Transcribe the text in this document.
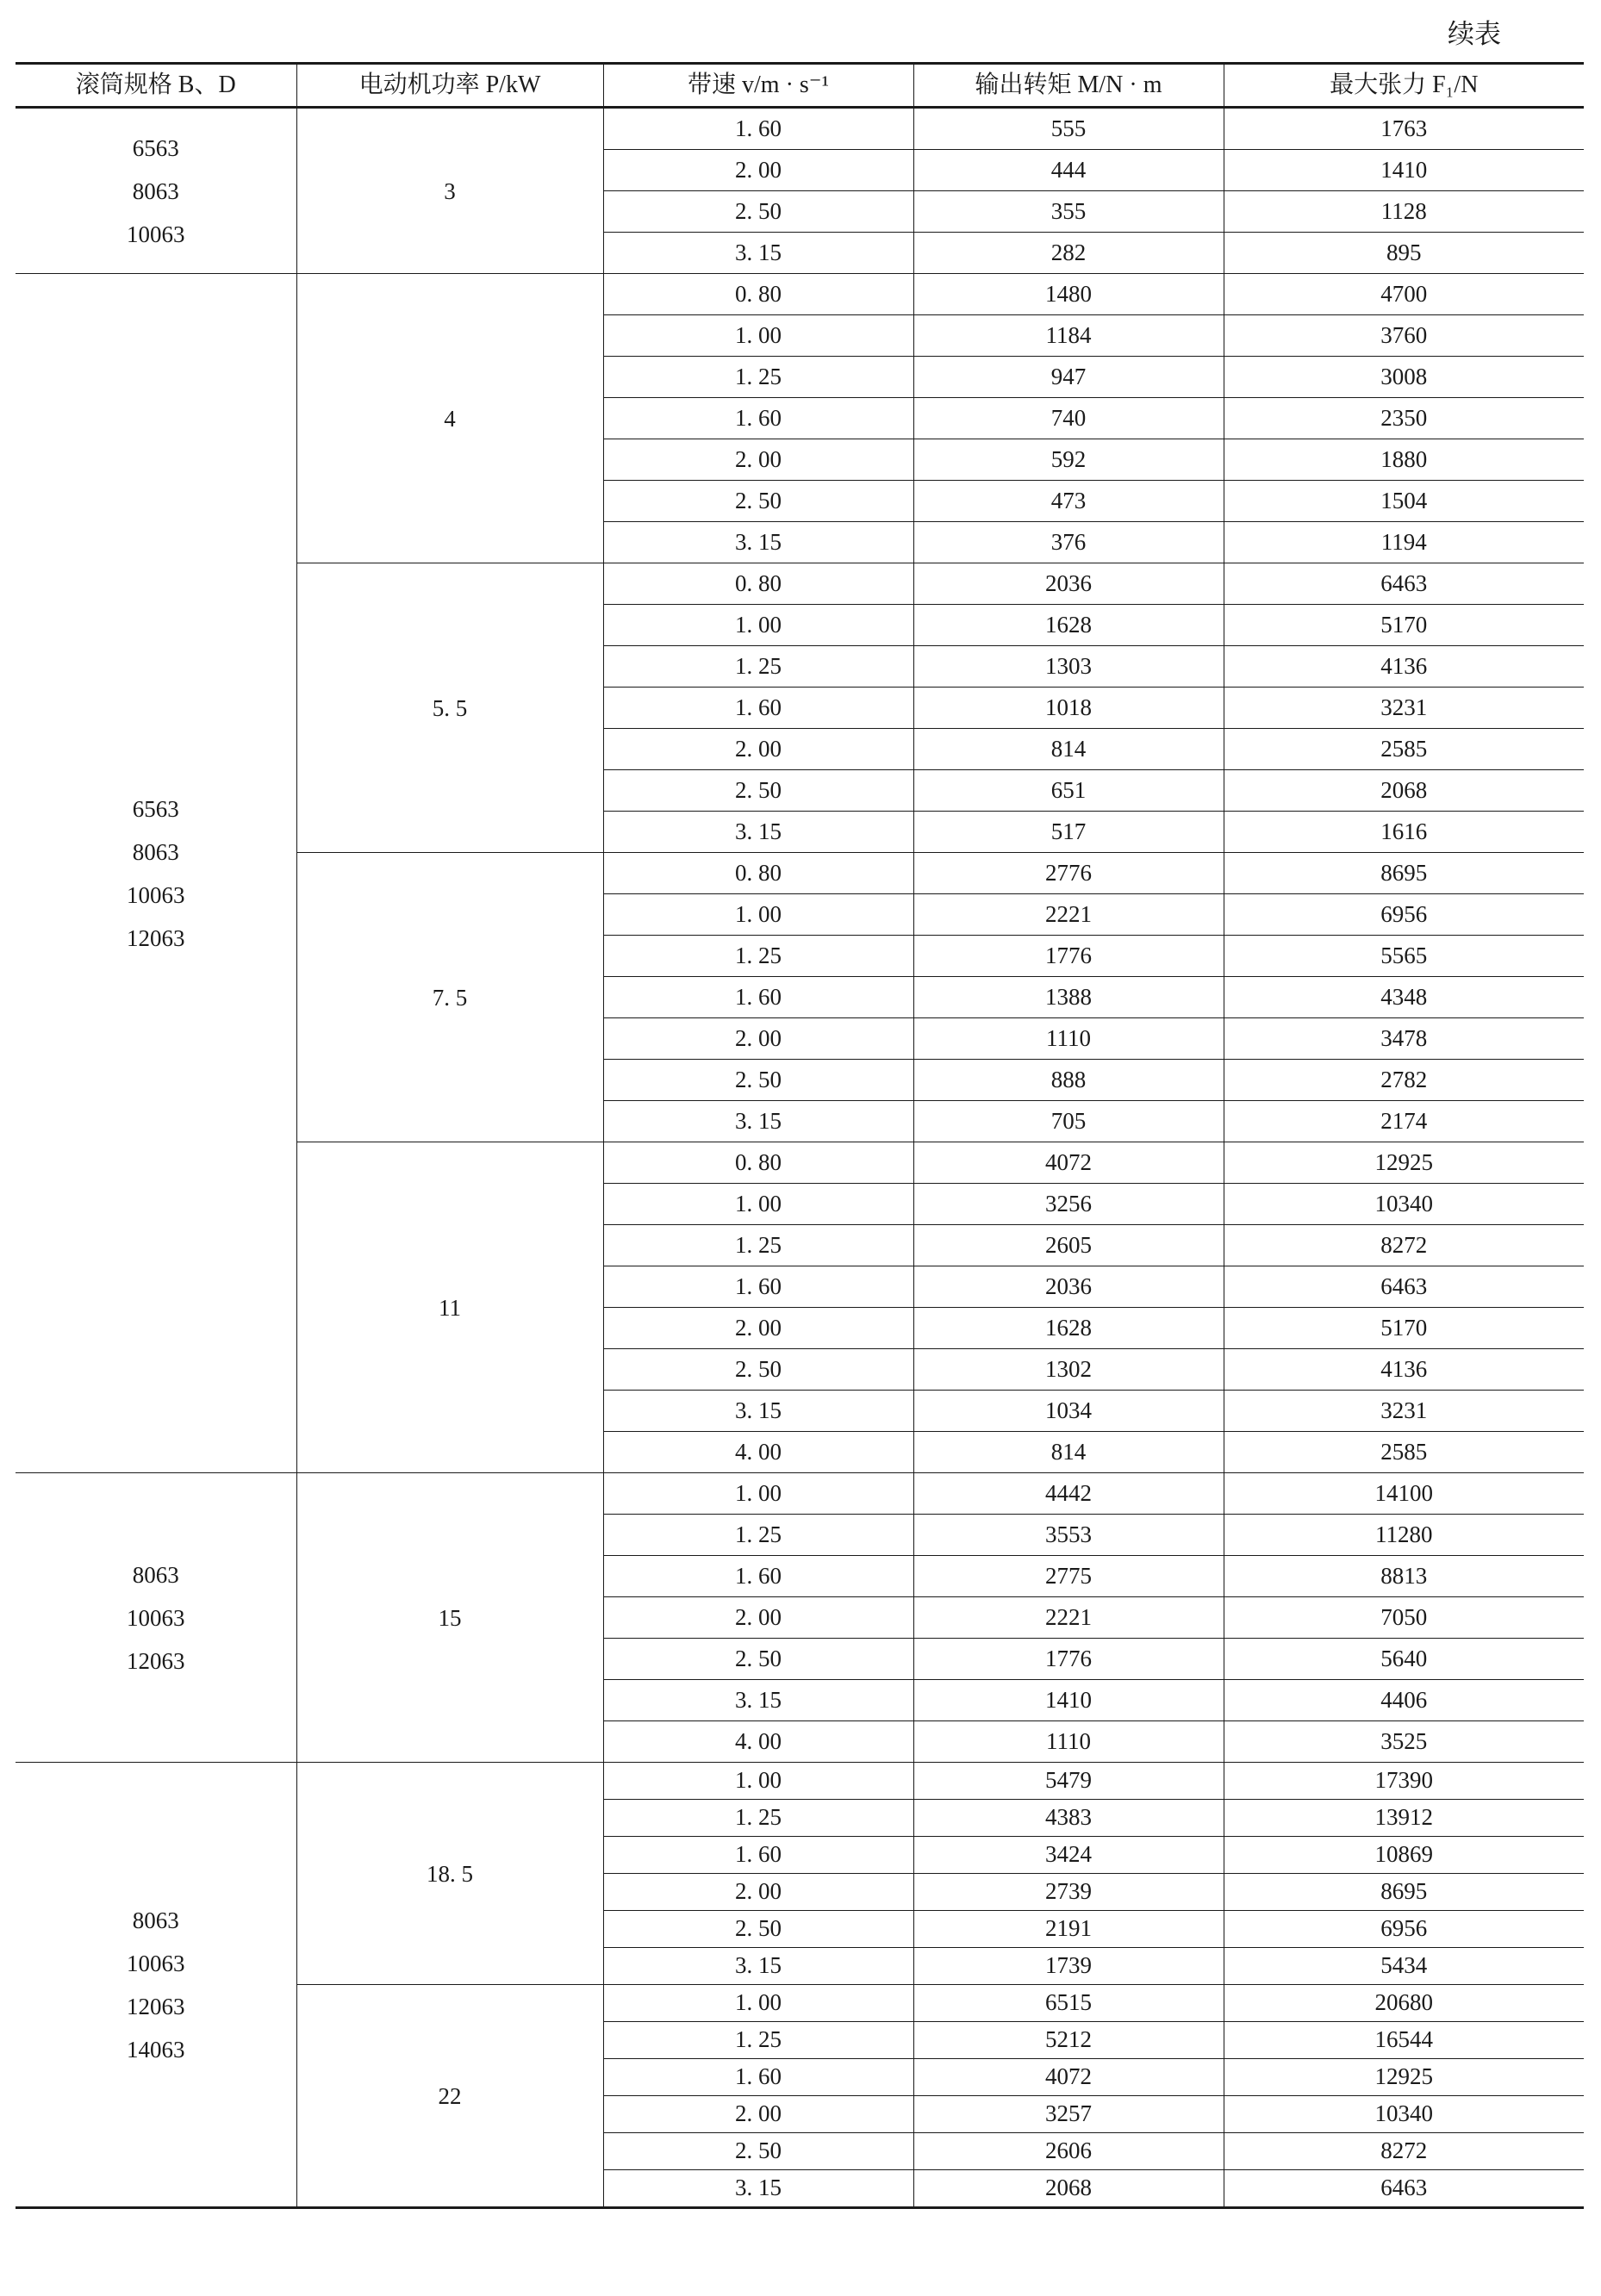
续表
滚筒规格 B、D	电动机功率 P/kW	带速 v/m · s⁻¹	输出转矩 M/N · m	最大张力 F₁/N

6563
8063
10063	3	1. 60	555	1763
		2. 00	444	1410
		2. 50	355	1128
		3. 15	282	895

6563
8063
10063
12063	4	0. 80	1480	4700
		1. 00	1184	3760
		1. 25	947	3008
		1. 60	740	2350
		2. 00	592	1880
		2. 50	473	1504
		3. 15	376	1194
	5. 5	0. 80	2036	6463
		1. 00	1628	5170
		1. 25	1303	4136
		1. 60	1018	3231
		2. 00	814	2585
		2. 50	651	2068
		3. 15	517	1616
	7. 5	0. 80	2776	8695
		1. 00	2221	6956
		1. 25	1776	5565
		1. 60	1388	4348
		2. 00	1110	3478
		2. 50	888	2782
		3. 15	705	2174
	11	0. 80	4072	12925
		1. 00	3256	10340
		1. 25	2605	8272
		1. 60	2036	6463
		2. 00	1628	5170
		2. 50	1302	4136
		3. 15	1034	3231
		4. 00	814	2585

8063
10063
12063	15	1. 00	4442	14100
		1. 25	3553	11280
		1. 60	2775	8813
		2. 00	2221	7050
		2. 50	1776	5640
		3. 15	1410	4406
		4. 00	1110	3525

8063
10063
12063
14063	18. 5	1. 00	5479	17390
		1. 25	4383	13912
		1. 60	3424	10869
		2. 00	2739	8695
		2. 50	2191	6956
		3. 15	1739	5434
	22	1. 00	6515	20680
		1. 25	5212	16544
		1. 60	4072	12925
		2. 00	3257	10340
		2. 50	2606	8272
		3. 15	2068	6463
